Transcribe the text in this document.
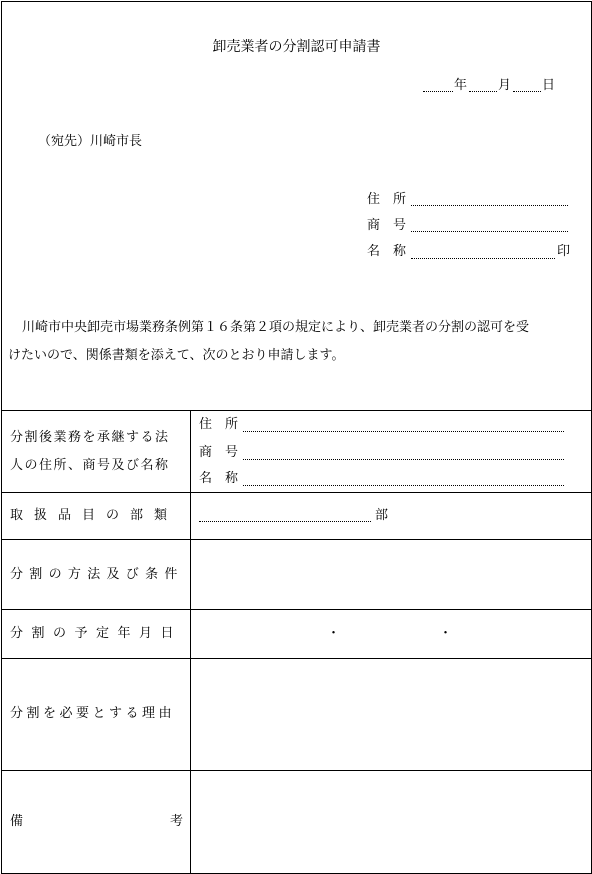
卸売業者の分割認可申請書
年 月 日
（宛先）川崎市長
住　所
商　号
名　称	印
川崎市中央卸売市場業務条例第１６条第２項の規定により、卸売業者の分割の認可を受
けたいので、関係書類を添えて、次のとおり申請します。
分割後業務を承継する法
人の住所、商号及び名称
住　所
商　号
名　称
取扱品目の部類	部
分割の方法及び条件
分割の予定年月日	・	・
分割を必要とする理由
備	考
